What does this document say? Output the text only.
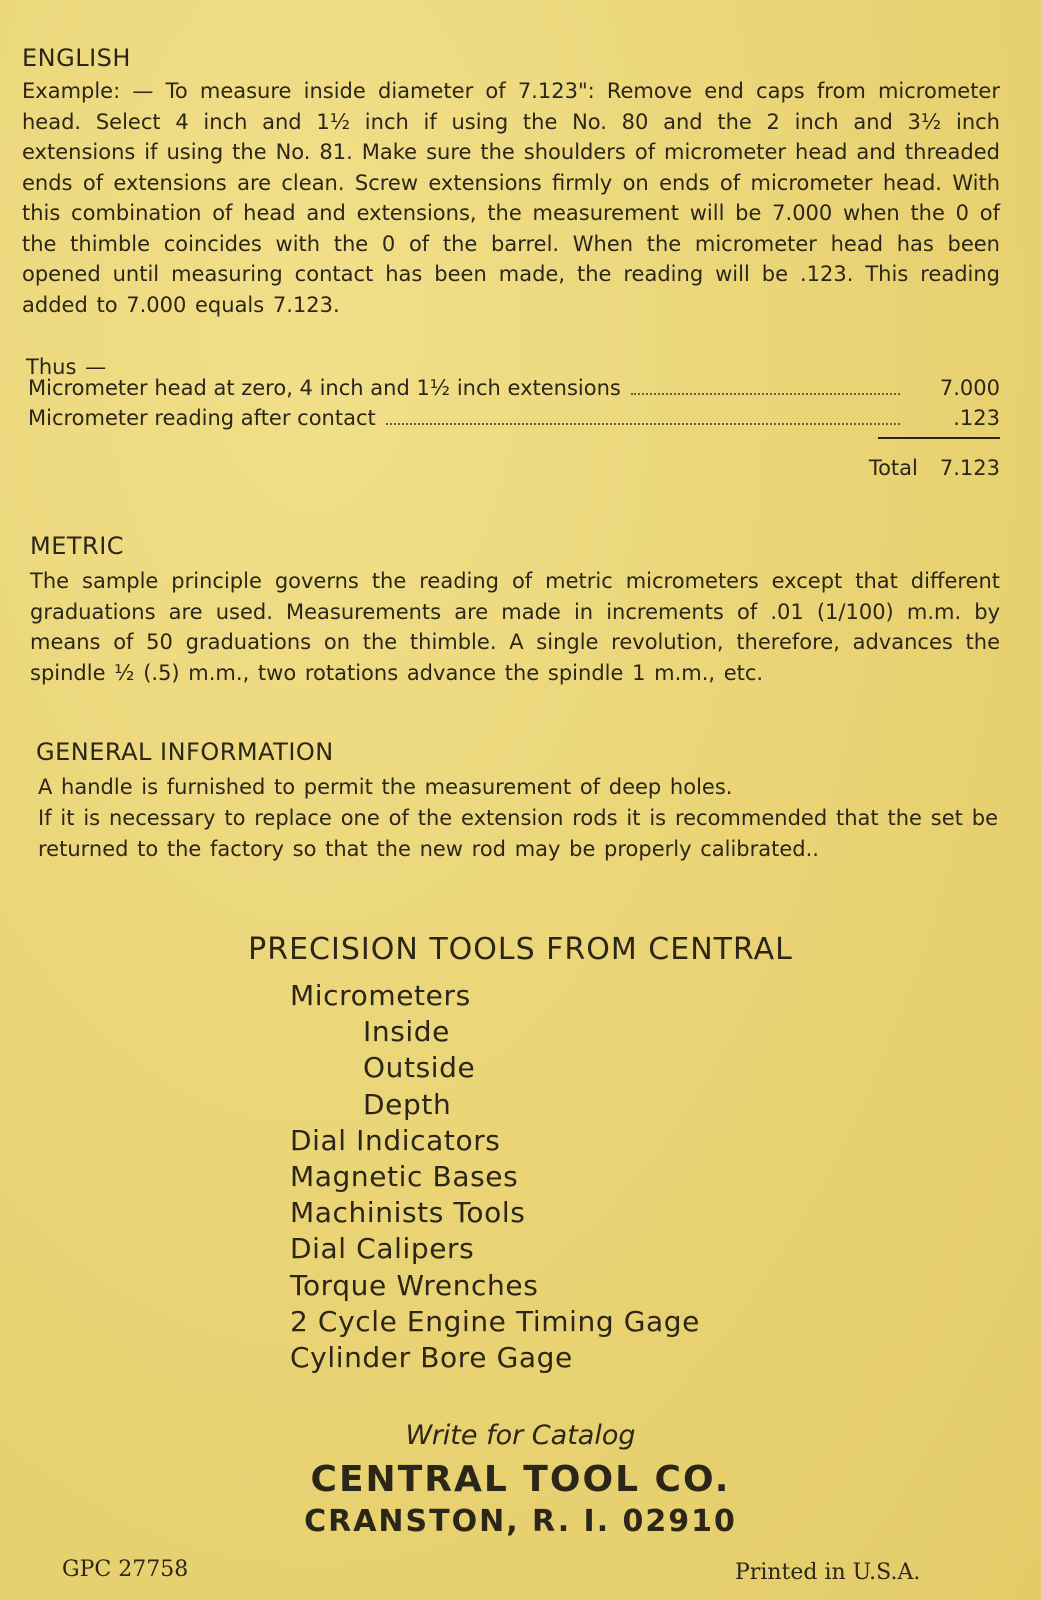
ENGLISH
Example: — To measure inside diameter of 7.123": Remove end caps from micrometer head. Select 4 inch and 1½ inch if using the No. 80 and the 2 inch and 3½ inch extensions if using the No. 81. Make sure the shoulders of micrometer head and threaded ends of extensions are clean. Screw extensions firmly on ends of micrometer head. With this combination of head and extensions, the measurement will be 7.000 when the 0 of the thimble coincides with the 0 of the barrel. When the micrometer head has been opened until measuring contact has been made, the reading will be .123. This reading added to 7.000 equals 7.123.
Thus —
Micrometer head at zero, 4 inch and 1½ inch extensions	7.000
Micrometer reading after contact	.123
Total 7.123
METRIC
The sample principle governs the reading of metric micrometers except that different graduations are used. Measurements are made in increments of .01 (1/100) m.m. by means of 50 graduations on the thimble. A single revolution, therefore, advances the spindle ½ (.5) m.m., two rotations advance the spindle 1 m.m., etc.
GENERAL INFORMATION
A handle is furnished to permit the measurement of deep holes.
If it is necessary to replace one of the extension rods it is recommended that the set be returned to the factory so that the new rod may be properly calibrated..
PRECISION TOOLS FROM CENTRAL
Micrometers
Inside
Outside
Depth
Dial Indicators
Magnetic Bases
Machinists Tools
Dial Calipers
Torque Wrenches
2 Cycle Engine Timing Gage
Cylinder Bore Gage
Write for Catalog
CENTRAL TOOL CO.
CRANSTON, R. I. 02910
GPC 27758	Printed in U.S.A.
